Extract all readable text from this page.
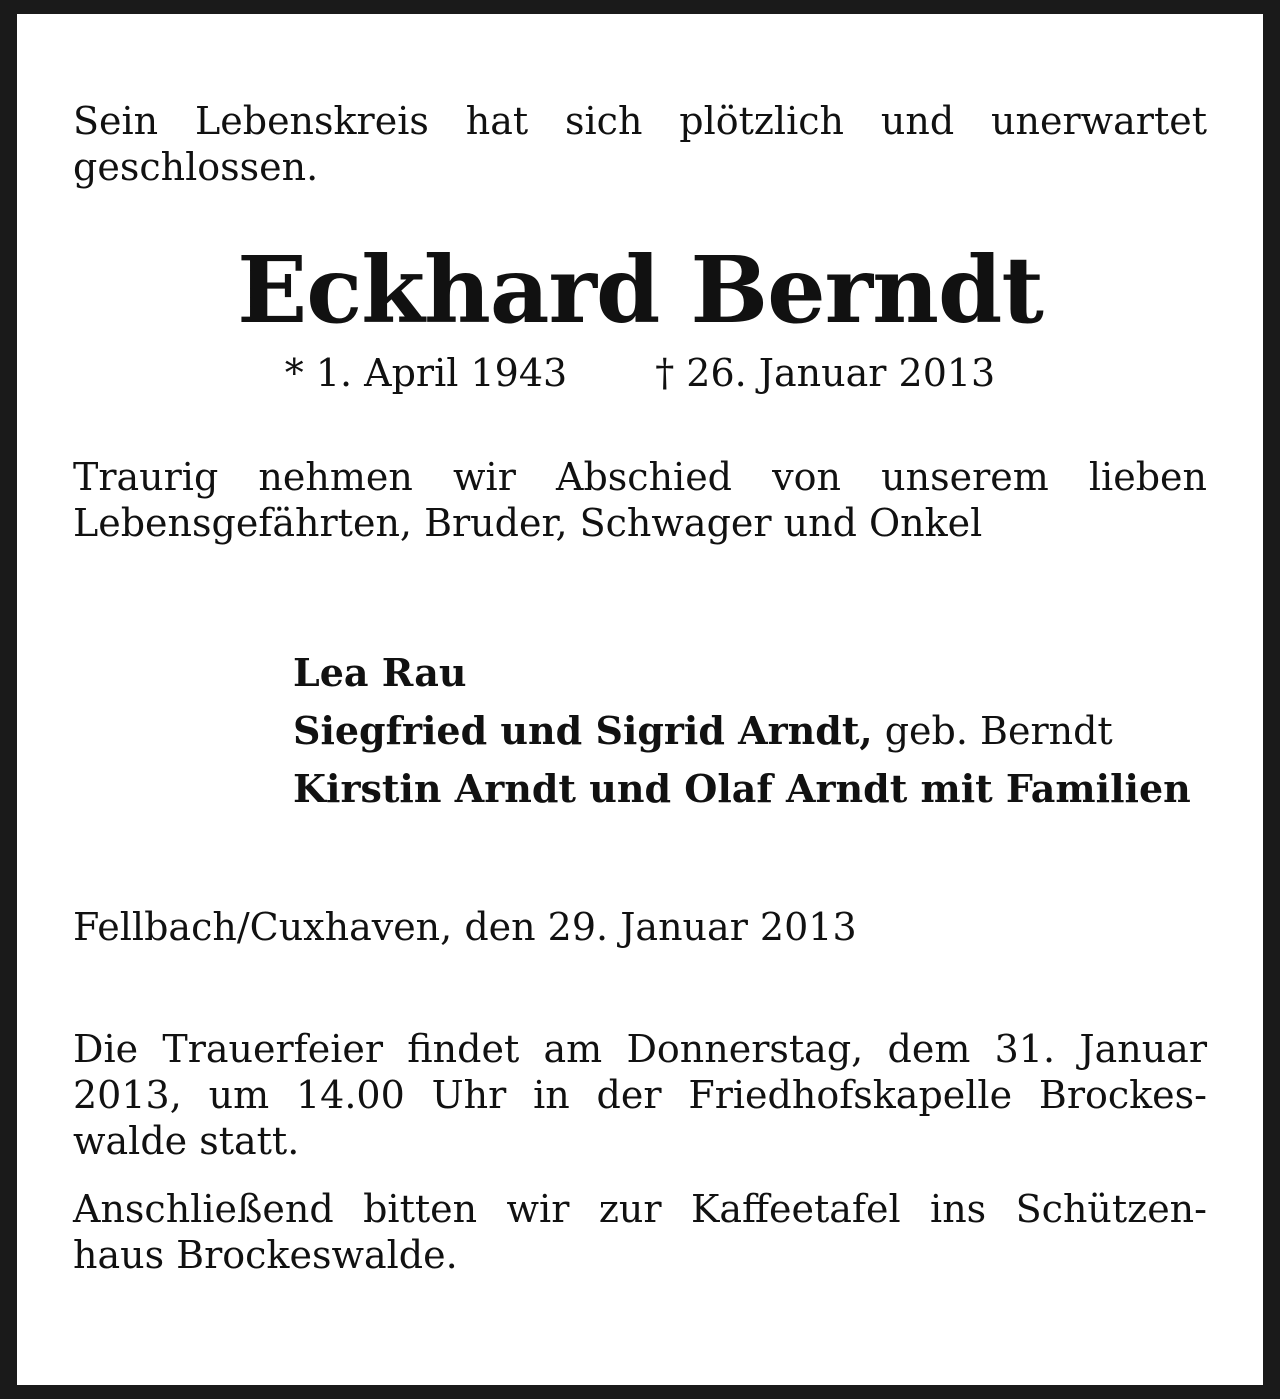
Sein Lebenskreis hat sich plötzlich und unerwartet geschlossen.

Eckhard Berndt
* 1. April 1943 † 26. Januar 2013

Traurig nehmen wir Abschied von unserem lieben Lebensgefährten, Bruder, Schwager und Onkel

Lea Rau
Siegfried und Sigrid Arndt, geb. Berndt
Kirstin Arndt und Olaf Arndt mit Familien
Fellbach/Cuxhaven, den 29. Januar 2013
Die Trauerfeier findet am Donnerstag, dem 31. Januar
2013, um 14.00 Uhr in der Friedhofskapelle Brockes-
walde statt.
Anschließend bitten wir zur Kaffeetafel ins Schützen-
haus Brockeswalde.
